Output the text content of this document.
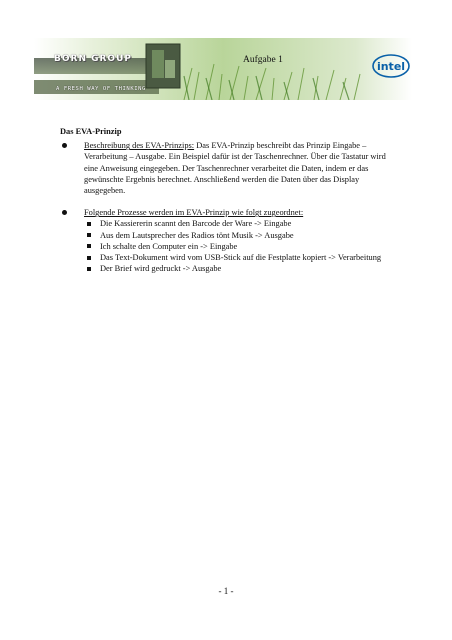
BORN GROUP
A FRESH WAY OF THINKING
Aufgabe 1	intel
Das EVA-Prinzip
Beschreibung des EVA-Prinzips: Das EVA-Prinzip beschreibt das Prinzip Eingabe – Verarbeitung – Ausgabe. Ein Beispiel dafür ist der Taschenrechner. Über die Tastatur wird eine Anweisung eingegeben. Der Taschenrechner verarbeitet die Daten, indem er das gewünschte Ergebnis berechnet. Anschließend werden die Daten über das Display ausgegeben.
Folgende Prozesse werden im EVA-Prinzip wie folgt zugeordnet:
Die Kassiererin scannt den Barcode der Ware -> Eingabe
Aus dem Lautsprecher des Radios tönt Musik -> Ausgabe
Ich schalte den Computer ein -> Eingabe
Das Text-Dokument wird vom USB-Stick auf die Festplatte kopiert -> Verarbeitung
Der Brief wird gedruckt -> Ausgabe
- 1 -
